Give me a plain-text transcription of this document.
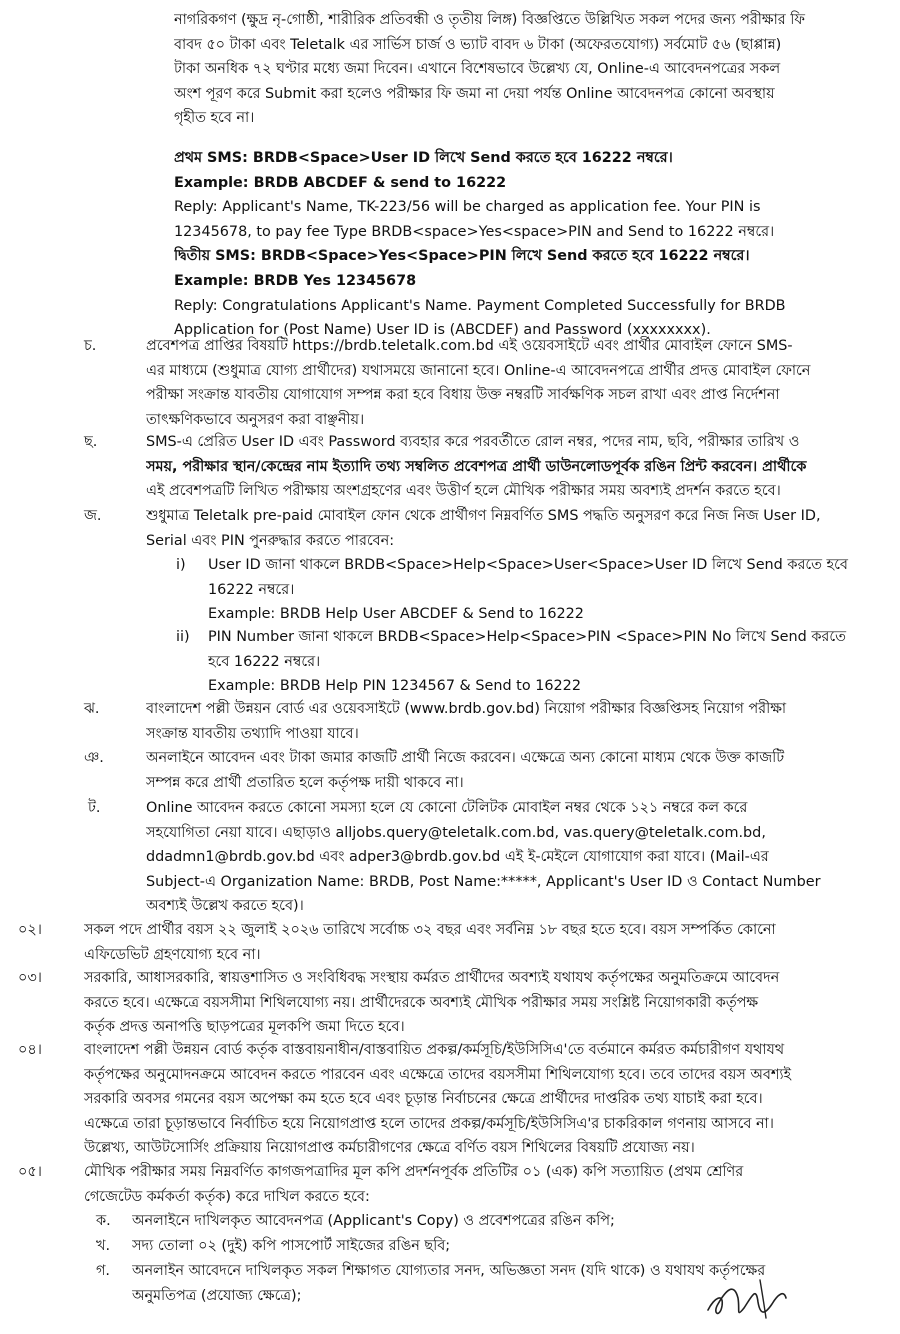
নাগরিকগণ (ক্ষুদ্র নৃ-গোষ্ঠী, শারীরিক প্রতিবন্ধী ও তৃতীয় লিঙ্গ) বিজ্ঞপ্তিতে উল্লিখিত সকল পদের জন্য পরীক্ষার ফি
বাবদ ৫০ টাকা এবং Teletalk এর সার্ভিস চার্জ ও ভ্যাট বাবদ ৬ টাকা (অফেরতযোগ্য) সর্বমোট ৫৬ (ছাপ্পান্ন)
টাকা অনধিক ৭২ ঘণ্টার মধ্যে জমা দিবেন। এখানে বিশেষভাবে উল্লেখ্য যে, Online-এ আবেদনপত্রের সকল
অংশ পূরণ করে Submit করা হলেও পরীক্ষার ফি জমা না দেয়া পর্যন্ত Online আবেদনপত্র কোনো অবস্থায়
গৃহীত হবে না।
প্রথম SMS: BRDB<Space>User ID লিখে Send করতে হবে 16222 নম্বরে।
Example: BRDB ABCDEF & send to 16222
Reply: Applicant's Name, TK-223/56 will be charged as application fee. Your PIN is
12345678, to pay fee Type BRDB<space>Yes<space>PIN and Send to 16222 নম্বরে।
দ্বিতীয় SMS: BRDB<Space>Yes<Space>PIN লিখে Send করতে হবে 16222 নম্বরে।
Example: BRDB Yes 12345678
Reply: Congratulations Applicant's Name. Payment Completed Successfully for BRDB
Application for (Post Name) User ID is (ABCDEF) and Password (xxxxxxxx).
চ.	প্রবেশপত্র প্রাপ্তির বিষয়টি https://brdb.teletalk.com.bd এই ওয়েবসাইটে এবং প্রার্থীর মোবাইল ফোনে SMS-
এর মাধ্যমে (শুধুমাত্র যোগ্য প্রার্থীদের) যথাসময়ে জানানো হবে। Online-এ আবেদনপত্রে প্রার্থীর প্রদত্ত মোবাইল ফোনে
পরীক্ষা সংক্রান্ত যাবতীয় যোগাযোগ সম্পন্ন করা হবে বিধায় উক্ত নম্বরটি সার্বক্ষণিক সচল রাখা এবং প্রাপ্ত নির্দেশনা
তাৎক্ষণিকভাবে অনুসরণ করা বাঞ্ছনীয়।
ছ.	SMS-এ প্রেরিত User ID এবং Password ব্যবহার করে পরবর্তীতে রোল নম্বর, পদের নাম, ছবি, পরীক্ষার তারিখ ও
সময়, পরীক্ষার স্থান/কেন্দ্রের নাম ইত্যাদি তথ্য সম্বলিত প্রবেশপত্র প্রার্থী ডাউনলোডপূর্বক রঙিন প্রিন্ট করবেন। প্রার্থীকে
এই প্রবেশপত্রটি লিখিত পরীক্ষায় অংশগ্রহণের এবং উত্তীর্ণ হলে মৌখিক পরীক্ষার সময় অবশ্যই প্রদর্শন করতে হবে।
জ.	শুধুমাত্র Teletalk pre-paid মোবাইল ফোন থেকে প্রার্থীগণ নিম্নবর্ণিত SMS পদ্ধতি অনুসরণ করে নিজ নিজ User ID,
Serial এবং PIN পুনরুদ্ধার করতে পারবেন:
i) User ID জানা থাকলে BRDB<Space>Help<Space>User<Space>User ID লিখে Send করতে হবে
16222 নম্বরে।
Example: BRDB Help User ABCDEF & Send to 16222
ii) PIN Number জানা থাকলে BRDB<Space>Help<Space>PIN <Space>PIN No লিখে Send করতে
হবে 16222 নম্বরে।
Example: BRDB Help PIN 1234567 & Send to 16222
ঝ.	বাংলাদেশ পল্লী উন্নয়ন বোর্ড এর ওয়েবসাইটে (www.brdb.gov.bd) নিয়োগ পরীক্ষার বিজ্ঞপ্তিসহ নিয়োগ পরীক্ষা
সংক্রান্ত যাবতীয় তথ্যাদি পাওয়া যাবে।
ঞ.	অনলাইনে আবেদন এবং টাকা জমার কাজটি প্রার্থী নিজে করবেন। এক্ষেত্রে অন্য কোনো মাধ্যম থেকে উক্ত কাজটি
সম্পন্ন করে প্রার্থী প্রতারিত হলে কর্তৃপক্ষ দায়ী থাকবে না।
ট.	Online আবেদন করতে কোনো সমস্যা হলে যে কোনো টেলিটক মোবাইল নম্বর থেকে ১২১ নম্বরে কল করে
সহযোগিতা নেয়া যাবে। এছাড়াও alljobs.query@teletalk.com.bd, vas.query@teletalk.com.bd,
ddadmn1@brdb.gov.bd এবং adper3@brdb.gov.bd এই ই-মেইলে যোগাযোগ করা যাবে। (Mail-এর
Subject-এ Organization Name: BRDB, Post Name:*****, Applicant's User ID ও Contact Number
অবশ্যই উল্লেখ করতে হবে)।
০২।	সকল পদে প্রার্থীর বয়স ২২ জুলাই ২০২৬ তারিখে সর্বোচ্চ ৩২ বছর এবং সর্বনিম্ন ১৮ বছর হতে হবে। বয়স সম্পর্কিত কোনো
এফিডেভিট গ্রহণযোগ্য হবে না।
০৩।	সরকারি, আধাসরকারি, স্বায়ত্তশাসিত ও সংবিধিবদ্ধ সংস্থায় কর্মরত প্রার্থীদের অবশ্যই যথাযথ কর্তৃপক্ষের অনুমতিক্রমে আবেদন
করতে হবে। এক্ষেত্রে বয়সসীমা শিথিলযোগ্য নয়। প্রার্থীদেরকে অবশ্যই মৌখিক পরীক্ষার সময় সংশ্লিষ্ট নিয়োগকারী কর্তৃপক্ষ
কর্তৃক প্রদত্ত অনাপত্তি ছাড়পত্রের মূলকপি জমা দিতে হবে।
০৪।	বাংলাদেশ পল্লী উন্নয়ন বোর্ড কর্তৃক বাস্তবায়নাধীন/বাস্তবায়িত প্রকল্প/কর্মসূচি/ইউসিসিএ'তে বর্তমানে কর্মরত কর্মচারীগণ যথাযথ
কর্তৃপক্ষের অনুমোদনক্রমে আবেদন করতে পারবেন এবং এক্ষেত্রে তাদের বয়সসীমা শিথিলযোগ্য হবে। তবে তাদের বয়স অবশ্যই
সরকারি অবসর গমনের বয়স অপেক্ষা কম হতে হবে এবং চূড়ান্ত নির্বাচনের ক্ষেত্রে প্রার্থীদের দাপ্তরিক তথ্য যাচাই করা হবে।
এক্ষেত্রে তারা চূড়ান্তভাবে নির্বাচিত হয়ে নিয়োগপ্রাপ্ত হলে তাদের প্রকল্প/কর্মসূচি/ইউসিসিএ'র চাকরিকাল গণনায় আসবে না।
উল্লেখ্য, আউটসোর্সিং প্রক্রিয়ায় নিয়োগপ্রাপ্ত কর্মচারীগণের ক্ষেত্রে বর্ণিত বয়স শিথিলের বিষয়টি প্রযোজ্য নয়।
০৫।	মৌখিক পরীক্ষার সময় নিম্নবর্ণিত কাগজপত্রাদির মূল কপি প্রদর্শনপূর্বক প্রতিটির ০১ (এক) কপি সত্যায়িত (প্রথম শ্রেণির
গেজেটেড কর্মকর্তা কর্তৃক) করে দাখিল করতে হবে:
ক. অনলাইনে দাখিলকৃত আবেদনপত্র (Applicant's Copy) ও প্রবেশপত্রের রঙিন কপি;
খ. সদ্য তোলা ০২ (দুই) কপি পাসপোর্ট সাইজের রঙিন ছবি;
গ. অনলাইন আবেদনে দাখিলকৃত সকল শিক্ষাগত যোগ্যতার সনদ, অভিজ্ঞতা সনদ (যদি থাকে) ও যথাযথ কর্তৃপক্ষের
অনুমতিপত্র (প্রযোজ্য ক্ষেত্রে);
